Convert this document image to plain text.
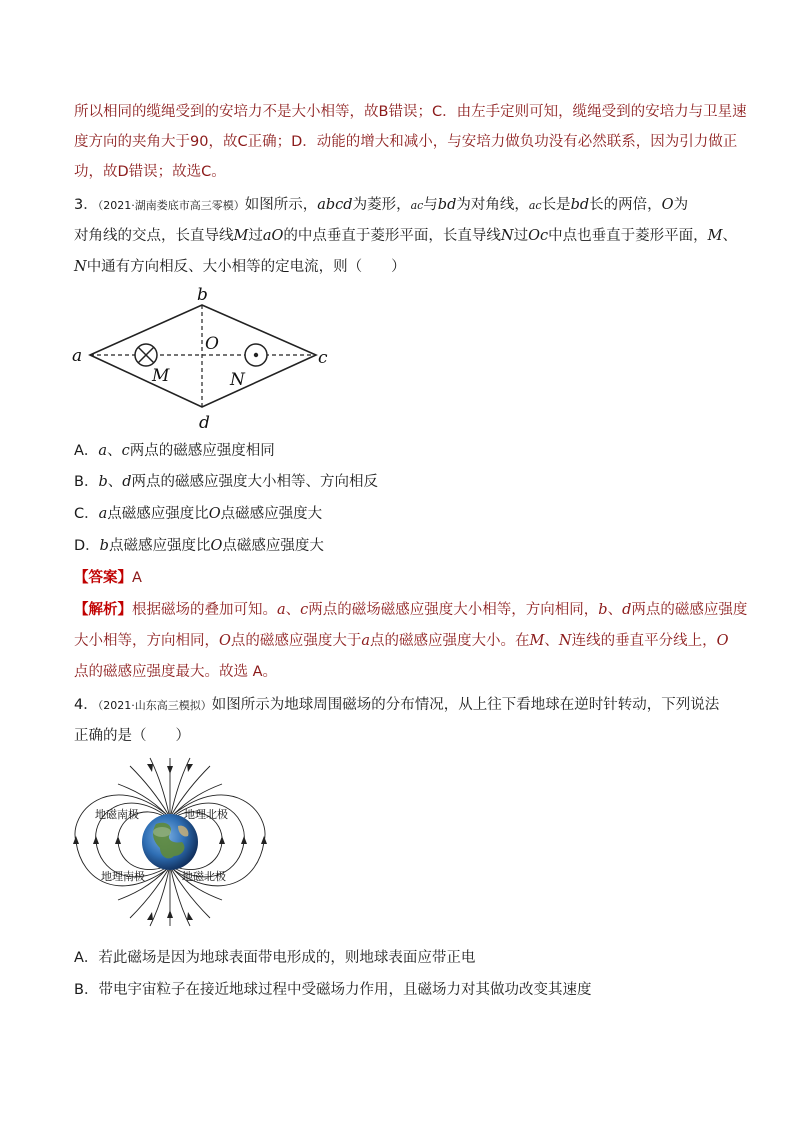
所以相同的缆绳受到的安培力不是大小相等，故B错误；C．由左手定则可知，缆绳受到的安培力与卫星速
度方向的夹角大于90，故C正确；D．动能的增大和减小，与安培力做负功没有必然联系，因为引力做正
功，故D错误；故选C。
3．（2021·湖南娄底市高三零模）如图所示，abcd为菱形，ac与bd为对角线，ac长是bd长的两倍，O为
对角线的交点，长直导线M过aO的中点垂直于菱形平面，长直导线N过Oc中点也垂直于菱形平面，M、
N中通有方向相反、大小相等的定电流，则（　　）
a
b
c
d
O
M	N
A．a、c两点的磁感应强度相同
B．b、d两点的磁感应强度大小相等、方向相反
C．a点磁感应强度比O点磁感应强度大
D．b点磁感应强度比O点磁感应强度大
【答案】A
【解析】根据磁场的叠加可知。a、c两点的磁场磁感应强度大小相等，方向相同，b、d两点的磁感应强度
大小相等，方向相同，O点的磁感应强度大于a点的磁感应强度大小。在M、N连线的垂直平分线上，O
点的磁感应强度最大。故选 A。
4．（2021·山东高三模拟）如图所示为地球周围磁场的分布情况，从上往下看地球在逆时针转动，下列说法
正确的是（　　）
地磁南极	地理北极
地理南极	地磁北极
A．若此磁场是因为地球表面带电形成的，则地球表面应带正电
B．带电宇宙粒子在接近地球过程中受磁场力作用，且磁场力对其做功改变其速度
